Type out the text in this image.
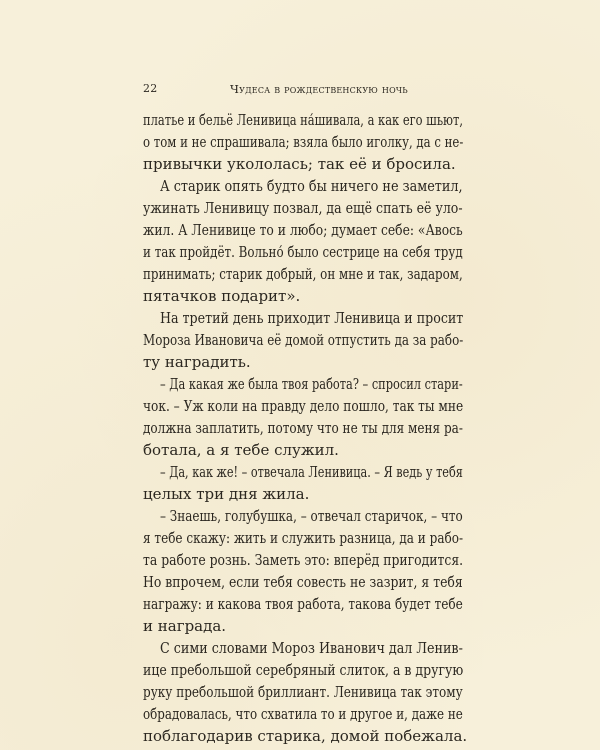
22	Чудеса в рождественскую ночь
платье и бельё Ленивица на́шивала, а как его шьют,
о том и не спрашивала; взяла было иголку, да с не-
привычки укололась; так её и бросила.
А старик опять будто бы ничего не заметил,
ужинать Ленивицу позвал, да ещё спать её уло-
жил. А Ленивице то и любо; думает себе: «Авось
и так пройдёт. Вольно́ было сестрице на себя труд
принимать; старик добрый, он мне и так, задаром,
пятачков подарит».
На третий день приходит Ленивица и просит
Мороза Ивановича её домой отпустить да за рабо-
ту наградить.
– Да какая же была твоя работа? – спросил стари-
чок. – Уж коли на правду дело пошло, так ты мне
должна заплатить, потому что не ты для меня ра-
ботала, а я тебе служил.
– Да, как же! – отвечала Ленивица. – Я ведь у тебя
целых три дня жила.
– Знаешь, голубушка, – отвечал старичок, – что
я тебе скажу: жить и служить разница, да и рабо-
та работе рознь. Заметь это: вперёд пригодится.
Но впрочем, если тебя совесть не зазрит, я тебя
награжу: и какова твоя работа, такова будет тебе
и награда.
С сими словами Мороз Иванович дал Ленив-
ице пребольшой серебряный слиток, а в другую
руку пребольшой бриллиант. Ленивица так этому
обрадовалась, что схватила то и другое и, даже не
поблагодарив старика, домой побежала.
